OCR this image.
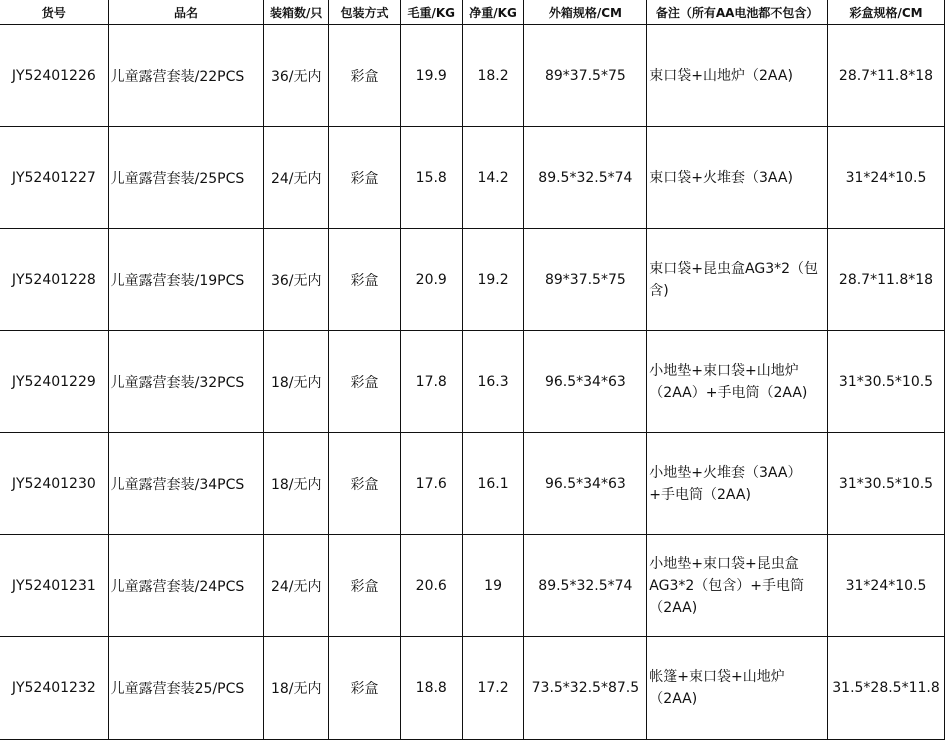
货号	品名	装箱数/只	包装方式	毛重/KG	净重/KG	外箱规格/CM	备注（所有AA电池都不包含）	彩盒规格/CM
JY52401226	儿童露营套装/22PCS	36/无内	彩盒	19.9	18.2	89*37.5*75	束口袋+山地炉（2AA)	28.7*11.8*18
JY52401227	儿童露营套装/25PCS	24/无内	彩盒	15.8	14.2	89.5*32.5*74	束口袋+火堆套（3AA)	31*24*10.5
JY52401228	儿童露营套装/19PCS	36/无内	彩盒	20.9	19.2	89*37.5*75	束口袋+昆虫盒AG3*2（包含)	28.7*11.8*18
JY52401229	儿童露营套装/32PCS	18/无内	彩盒	17.8	16.3	96.5*34*63	小地垫+束口袋+山地炉（2AA）+手电筒（2AA)	31*30.5*10.5
JY52401230	儿童露营套装/34PCS	18/无内	彩盒	17.6	16.1	96.5*34*63	小地垫+火堆套（3AA）+手电筒（2AA)	31*30.5*10.5
JY52401231	儿童露营套装/24PCS	24/无内	彩盒	20.6	19	89.5*32.5*74	小地垫+束口袋+昆虫盒AG3*2（包含）+手电筒（2AA)	31*24*10.5
JY52401232	儿童露营套装25/PCS	18/无内	彩盒	18.8	17.2	73.5*32.5*87.5	帐篷+束口袋+山地炉（2AA)	31.5*28.5*11.8
